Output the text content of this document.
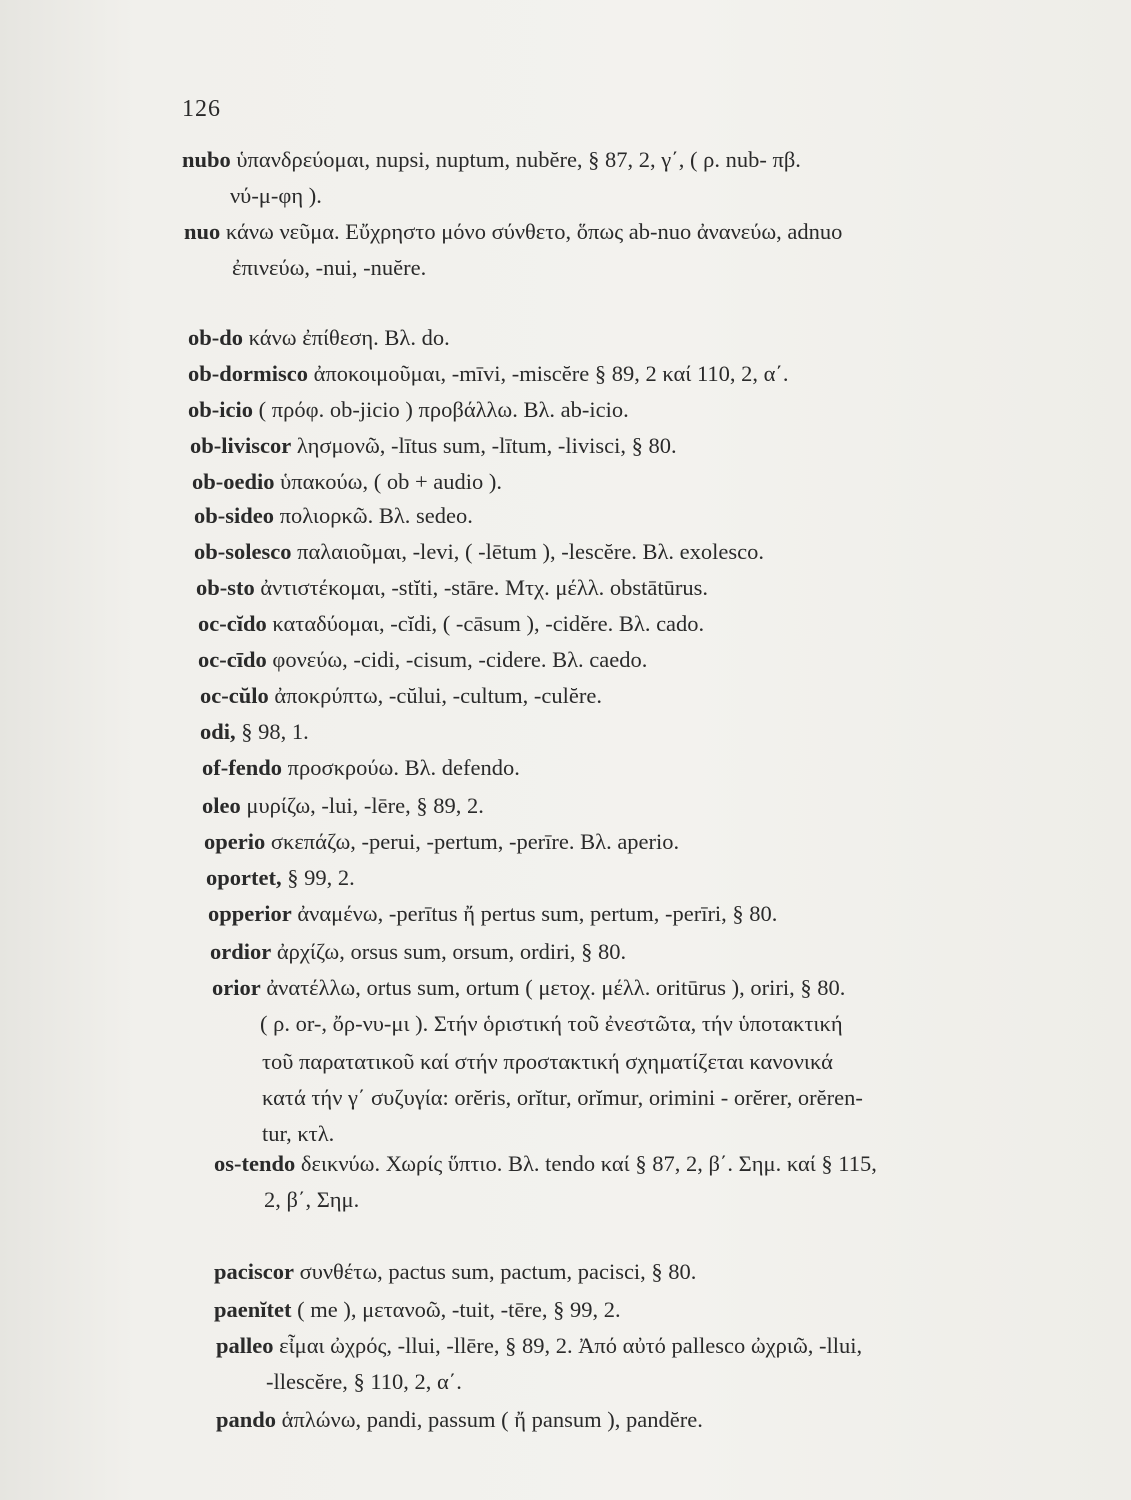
126
nubo ὑπανδρεύομαι, nupsi, nuptum, nubĕre, § 87, 2, γ΄, ( ρ. nub- πβ.
νύ-μ-φη ).
nuo κάνω νεῦμα. Εὔχρηστο μόνο σύνθετο, ὅπως ab-nuo ἀνανεύω, adnuo
ἐπινεύω, -nui, -nuĕre.
ob-do κάνω ἐπίθεση. Βλ. do.
ob-dormisco ἀποκοιμοῦμαι, -mīvi, -miscĕre § 89, 2 καί 110, 2, α΄.
ob-icio ( πρόφ. ob-jicio ) προβάλλω. Βλ. ab-icio.
ob-liviscor λησμονῶ, -lītus sum, -lītum, -livisci, § 80.
ob-oedio ὑπακούω, ( ob + audio ).
ob-sideo πολιορκῶ. Βλ. sedeo.
ob-solesco παλαιοῦμαι, -levi, ( -lētum ), -lescĕre. Βλ. exolesco.
ob-sto ἀντιστέκομαι, -stĭti, -stāre. Μτχ. μέλλ. obstātūrus.
oc-cĭdo καταδύομαι, -cĭdi, ( -cāsum ), -cidĕre. Βλ. cado.
oc-cīdo φονεύω, -cidi, -cisum, -cidere. Βλ. caedo.
oc-cŭlo ἀποκρύπτω, -cŭlui, -cultum, -culĕre.
odi, § 98, 1.
of-fendo προσκρούω. Βλ. defendo.
oleo μυρίζω, -lui, -lēre, § 89, 2.
operio σκεπάζω, -perui, -pertum, -perīre. Βλ. aperio.
oportet, § 99, 2.
opperior ἀναμένω, -perītus ἤ pertus sum, pertum, -perīri, § 80.
ordior ἀρχίζω, orsus sum, orsum, ordiri, § 80.
orior ἀνατέλλω, ortus sum, ortum ( μετοχ. μέλλ. oritūrus ), oriri, § 80.
( ρ. or-, ὄρ-νυ-μι ). Στήν ὁριστική τοῦ ἐνεστῶτα, τήν ὑποτακτική
τοῦ παρατατικοῦ καί στήν προστακτική σχηματίζεται κανονικά
κατά τήν γ΄ συζυγία: orĕris, orĭtur, orĭmur, orimini - orĕrer, orĕren-
tur, κτλ.
os-tendo δεικνύω. Χωρίς ὕπτιο. Βλ. tendo καί § 87, 2, β΄. Σημ. καί § 115,
2, β΄, Σημ.
paciscor συνθέτω, pactus sum, pactum, pacisci, § 80.
paenĭtet ( me ), μετανοῶ, -tuit, -tēre, § 99, 2.
palleo εἶμαι ὠχρός, -llui, -llēre, § 89, 2. Ἀπό αὐτό pallesco ὠχριῶ, -llui,
-llescĕre, § 110, 2, α΄.
pando ἁπλώνω, pandi, passum ( ἤ pansum ), pandĕre.
